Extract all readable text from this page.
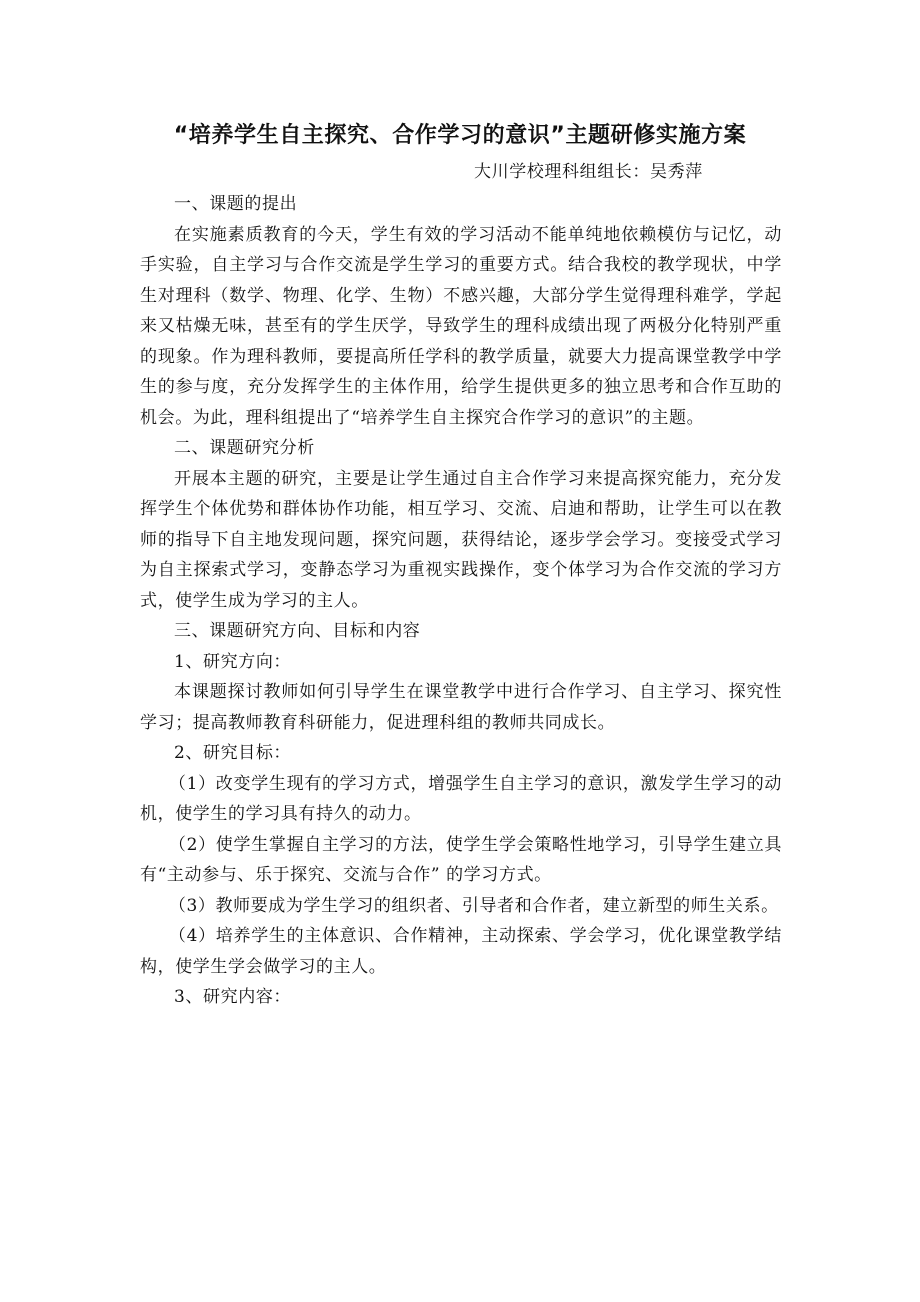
“培养学生自主探究、合作学习的意识”主题研修实施方案
大川学校理科组组长：吴秀萍

一、课题的提出

在实施素质教育的今天，学生有效的学习活动不能单纯地依赖模仿与记忆，动手实验，自主学习与合作交流是学生学习的重要方式。结合我校的教学现状，中学生对理科（数学、物理、化学、生物）不感兴趣，大部分学生觉得理科难学，学起来又枯燥无味，甚至有的学生厌学，导致学生的理科成绩出现了两极分化特别严重的现象。作为理科教师，要提高所任学科的教学质量，就要大力提高课堂教学中学生的参与度，充分发挥学生的主体作用，给学生提供更多的独立思考和合作互助的机会。为此，理科组提出了“培养学生自主探究合作学习的意识”的主题。

二、课题研究分析

开展本主题的研究，主要是让学生通过自主合作学习来提高探究能力，充分发挥学生个体优势和群体协作功能，相互学习、交流、启迪和帮助，让学生可以在教师的指导下自主地发现问题，探究问题，获得结论，逐步学会学习。变接受式学习为自主探索式学习，变静态学习为重视实践操作，变个体学习为合作交流的学习方式，使学生成为学习的主人。

三、课题研究方向、目标和内容

1、研究方向：

本课题探讨教师如何引导学生在课堂教学中进行合作学习、自主学习、探究性学习；提高教师教育科研能力，促进理科组的教师共同成长。

2、研究目标：

（1）改变学生现有的学习方式，增强学生自主学习的意识，激发学生学习的动机，使学生的学习具有持久的动力。

（2）使学生掌握自主学习的方法，使学生学会策略性地学习，引导学生建立具有“主动参与、乐于探究、交流与合作” 的学习方式。

（3）教师要成为学生学习的组织者、引导者和合作者，建立新型的师生关系。

（4）培养学生的主体意识、合作精神，主动探索、学会学习，优化课堂教学结构，使学生学会做学习的主人。

3、研究内容：
